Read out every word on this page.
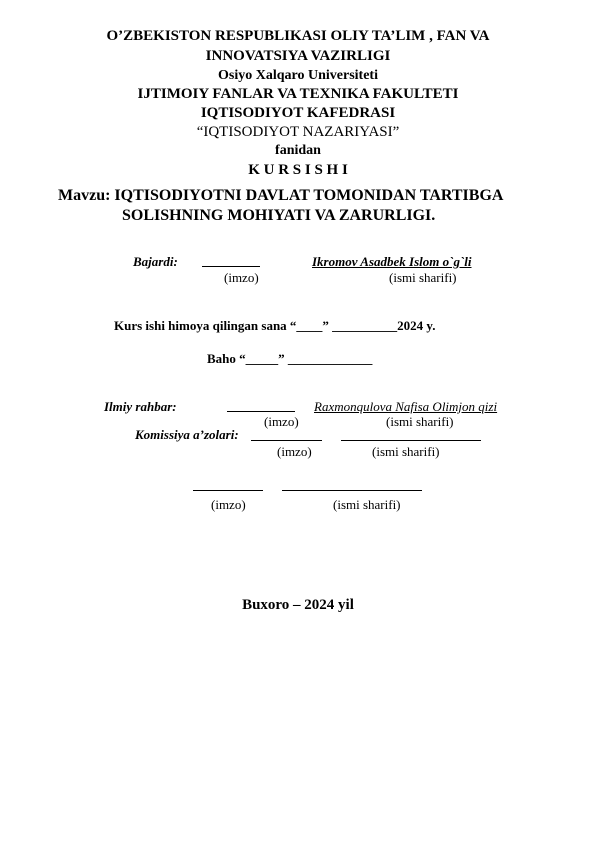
O’ZBEKISTON RESPUBLIKASI OLIY TA’LIM , FAN VA
INNOVATSIYA VAZIRLIGI
Osiyo Xalqaro Universiteti
IJTIMOIY FANLAR VA TEXNIKA FAKULTETI
IQTISODIYOT KAFEDRASI
“IQTISODIYOT NAZARIYASI”
fanidan
K U R S I S H I
Mavzu: IQTISODIYOTNI DAVLAT TOMONIDAN TARTIBGA
SOLISHNING MOHIYATI VA ZARURLIGI.
Bajardi:	Ikromov Asadbek Islom o`g`li
(imzo)	(ismi sharifi)
Kurs ishi himoya qilingan sana “____” __________2024 y.
Baho “_____” _____________
Ilmiy rahbar:	Raxmonqulova Nafisa Olimjon qizi
(imzo)	(ismi sharifi)
Komissiya a’zolari:
(imzo)	(ismi sharifi)
(imzo)	(ismi sharifi)
Buxoro – 2024 yil
